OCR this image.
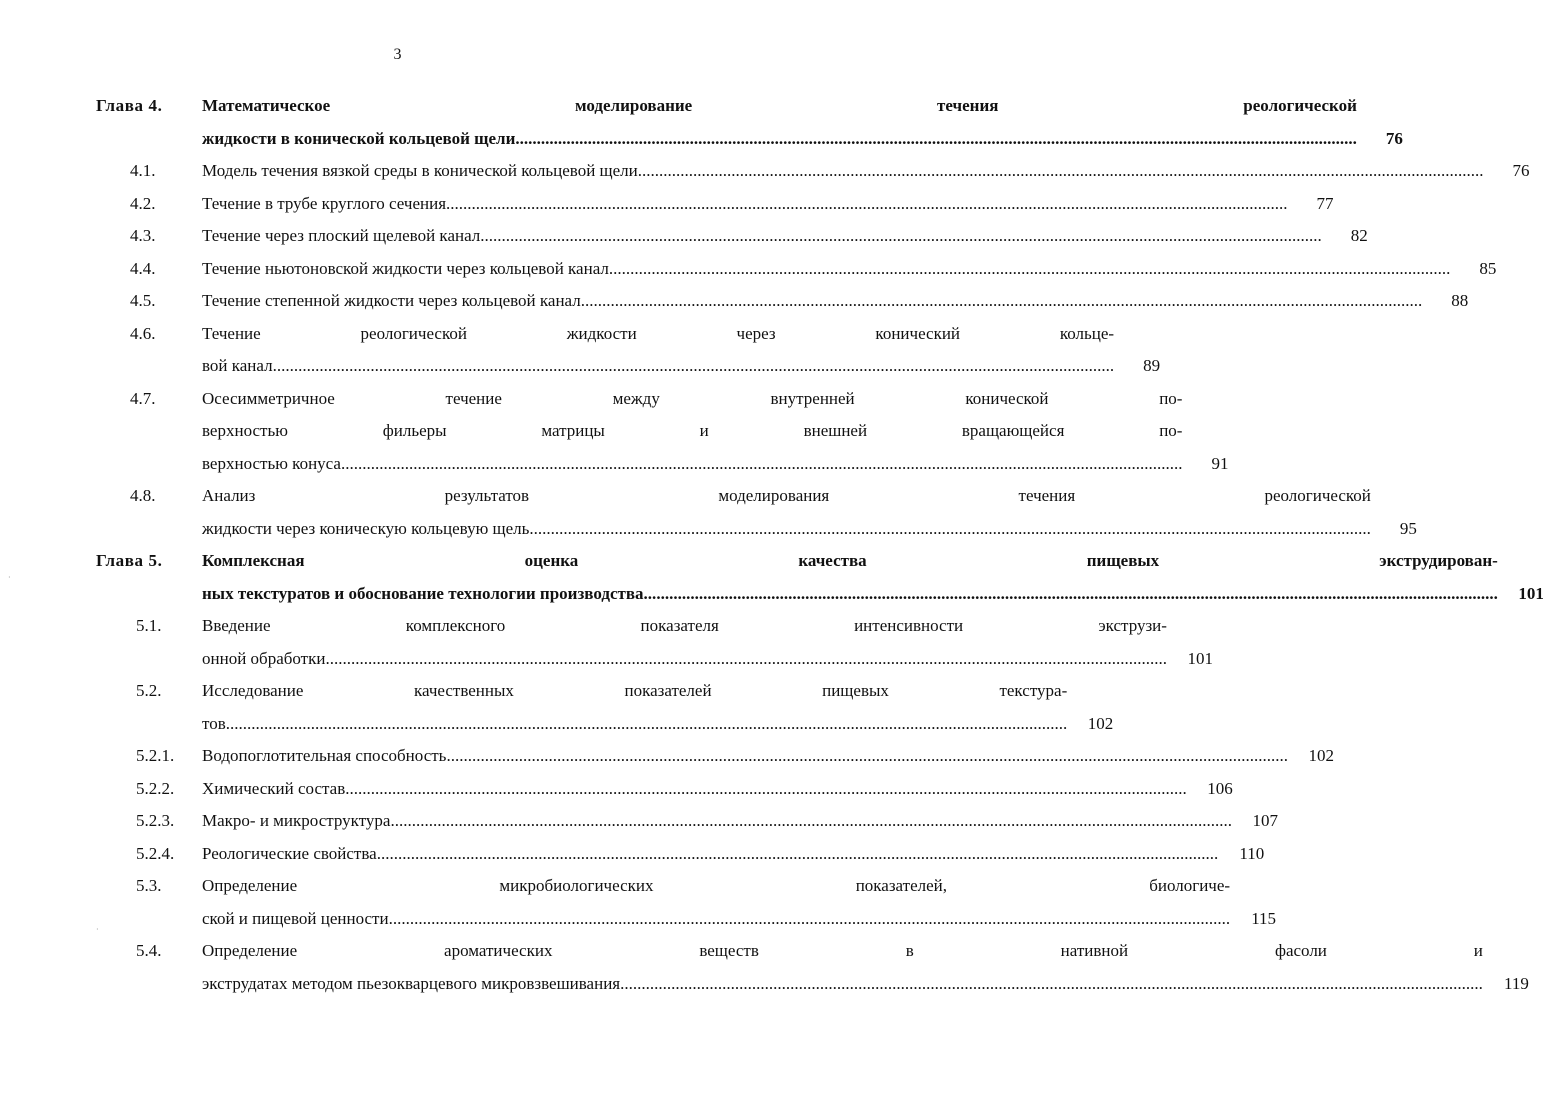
3
Глава 4.	Математическое моделирование течения реологической
жидкости в конической кольцевой щели .....	76
4.1.	Модель течения вязкой среды в конической кольцевой щели. .....	76
4.2.	Течение в трубе круглого сечения .....	77
4.3.	Течение через плоский щелевой канал .....	82
4.4.	Течение ньютоновской жидкости через кольцевой канал .....	85
4.5.	Течение степенной жидкости через кольцевой канал .....	88
4.6.	Течение реологической жидкости через конический кольце-
вой канал .....	89
4.7.	Осесимметричное течение между внутренней конической по-
верхностью фильеры матрицы и внешней вращающейся по-
верхностью конуса .....	91
4.8.	Анализ результатов моделирования течения реологической
жидкости через коническую кольцевую щель .....	95
Глава 5.	Комплексная оценка качества пищевых экструдирован-
ных текстуратов и обоснование технологии производства... .....	101
5.1.	Введение комплексного показателя интенсивности экструзи-
онной обработки .....	101
5.2.	Исследование качественных показателей пищевых текстура-
тов .....	102
5.2.1.	Водопоглотительная способность .....	102
5.2.2.	Химический состав .....	106
5.2.3.	Макро- и микроструктура .....	107
5.2.4.	Реологические свойства .....	110
5.3.	Определение микробиологических показателей, биологиче-
ской и пищевой ценности .....	115
5.4.	Определение ароматических веществ в нативной фасоли и
экструдатах методом пьезокварцевого микровзвешивания..... .....	119
·
·
